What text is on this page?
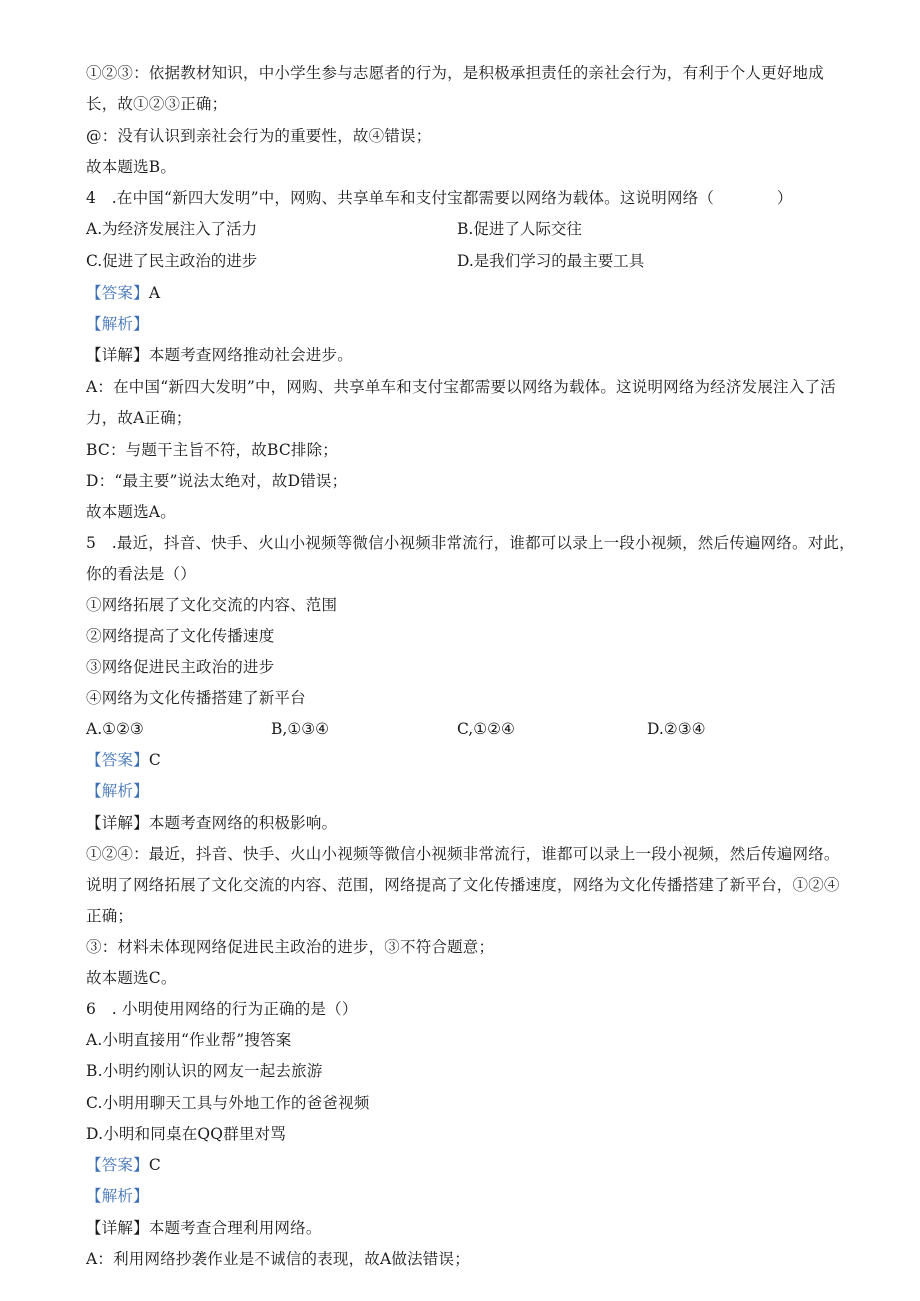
①②③：依据教材知识，中小学生参与志愿者的行为，是积极承担责任的亲社会行为，有利于个人更好地成
长，故①②③正确；
@：没有认识到亲社会行为的重要性，故④错误；
故本题选B。
4　.在中国“新四大发明”中，网购、共享单车和支付宝都需要以网络为载体。这说明网络（　　　　）
A.为经济发展注入了活力	B.促进了人际交往
C.促进了民主政治的进步	D.是我们学习的最主要工具
【答案】A
【解析】
【详解】本题考查网络推动社会进步。
A：在中国“新四大发明”中，网购、共享单车和支付宝都需要以网络为载体。这说明网络为经济发展注入了活
力，故A正确；
BC：与题干主旨不符，故BC排除；
D：“最主要”说法太绝对，故D错误；
故本题选A。
5　.最近，抖音、快手、火山小视频等微信小视频非常流行，谁都可以录上一段小视频，然后传遍网络。对此，
你的看法是（）
①网络拓展了文化交流的内容、范围
②网络提高了文化传播速度
③网络促进民主政治的进步
④网络为文化传播搭建了新平台
A.①②③	B,①③④	C,①②④	D.②③④
【答案】C
【解析】
【详解】本题考查网络的积极影响。
①②④：最近，抖音、快手、火山小视频等微信小视频非常流行，谁都可以录上一段小视频，然后传遍网络。
说明了网络拓展了文化交流的内容、范围，网络提高了文化传播速度，网络为文化传播搭建了新平台，①②④
正确；
③：材料未体现网络促进民主政治的进步，③不符合题意；
故本题选C。
6　. 小明使用网络的行为正确的是（）
A.小明直接用“作业帮”搜答案
B.小明约刚认识的网友一起去旅游
C.小明用聊天工具与外地工作的爸爸视频
D.小明和同桌在QQ群里对骂
【答案】C
【解析】
【详解】本题考查合理利用网络。
A：利用网络抄袭作业是不诚信的表现，故A做法错误；
